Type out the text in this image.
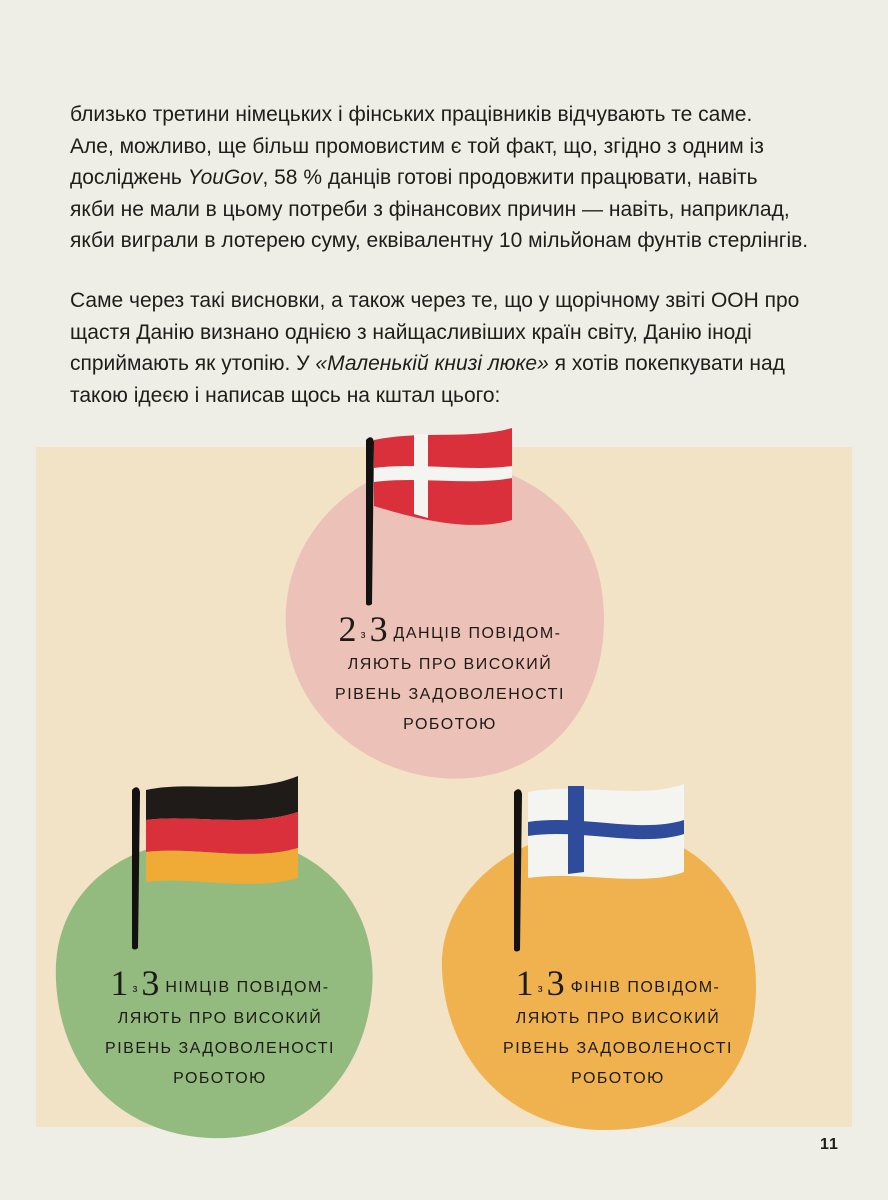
близько третини німецьких і фінських працівників відчувають те саме.
Але, можливо, ще більш промовистим є той факт, що, згідно з одним із
досліджень YouGov, 58 % данців готові продовжити працювати, навіть
якби не мали в цьому потреби з фінансових причин — навіть, наприклад,
якби виграли в лотерею суму, еквівалентну 10 мільйонам фунтів стерлінгів.

Саме через такі висновки, а також через те, що у щорічному звіті ООН про
щастя Данію визнано однією з найщасливіших країн світу, Данію іноді
сприймають як утопію. У «Маленькій книзі люке» я хотів покепкувати над
такою ідеєю і написав щось на кштал цього:

2 з 3 ДАНЦІВ ПОВІДОМ-
ЛЯЮТЬ ПРО ВИСОКИЙ
РІВЕНЬ ЗАДОВОЛЕНОСТІ
РОБОТОЮ
1 з 3 НІМЦІВ ПОВІДОМ-
ЛЯЮТЬ ПРО ВИСОКИЙ
РІВЕНЬ ЗАДОВОЛЕНОСТІ
РОБОТОЮ
1 з 3 ФІНІВ ПОВІДОМ-
ЛЯЮТЬ ПРО ВИСОКИЙ
РІВЕНЬ ЗАДОВОЛЕНОСТІ
РОБОТОЮ
11
